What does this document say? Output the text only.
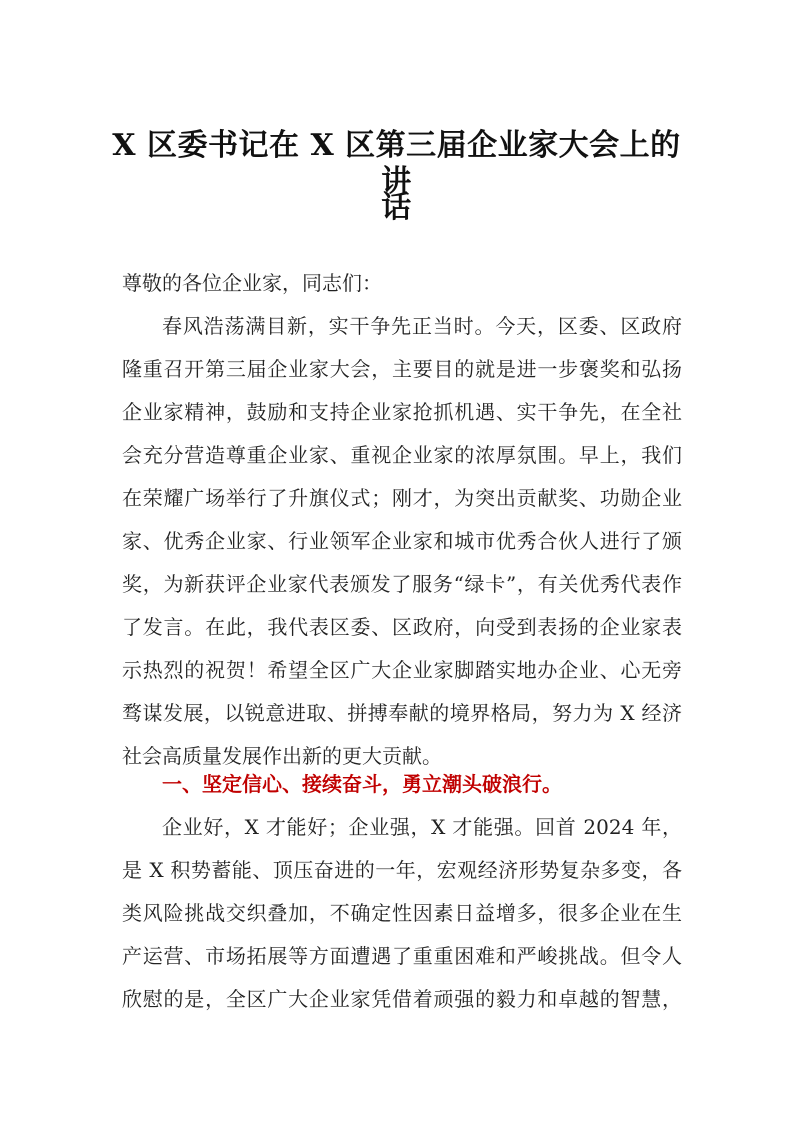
X 区委书记在 X 区第三届企业家大会上的讲
话
尊敬的各位企业家，同志们：
春风浩荡满目新，实干争先正当时。今天，区委、区政府
隆重召开第三届企业家大会，主要目的就是进一步褒奖和弘扬
企业家精神，鼓励和支持企业家抢抓机遇、实干争先，在全社
会充分营造尊重企业家、重视企业家的浓厚氛围。早上，我们
在荣耀广场举行了升旗仪式；刚才，为突出贡献奖、功勋企业
家、优秀企业家、行业领军企业家和城市优秀合伙人进行了颁
奖，为新获评企业家代表颁发了服务“绿卡”，有关优秀代表作
了发言。在此，我代表区委、区政府，向受到表扬的企业家表
示热烈的祝贺！希望全区广大企业家脚踏实地办企业、心无旁
骛谋发展，以锐意进取、拼搏奉献的境界格局，努力为 X 经济
社会高质量发展作出新的更大贡献。
一、坚定信心、接续奋斗，勇立潮头破浪行。
企业好，X 才能好；企业强，X 才能强。回首 2024 年，
是 X 积势蓄能、顶压奋进的一年，宏观经济形势复杂多变，各
类风险挑战交织叠加，不确定性因素日益增多，很多企业在生
产运营、市场拓展等方面遭遇了重重困难和严峻挑战。但令人
欣慰的是，全区广大企业家凭借着顽强的毅力和卓越的智慧，
